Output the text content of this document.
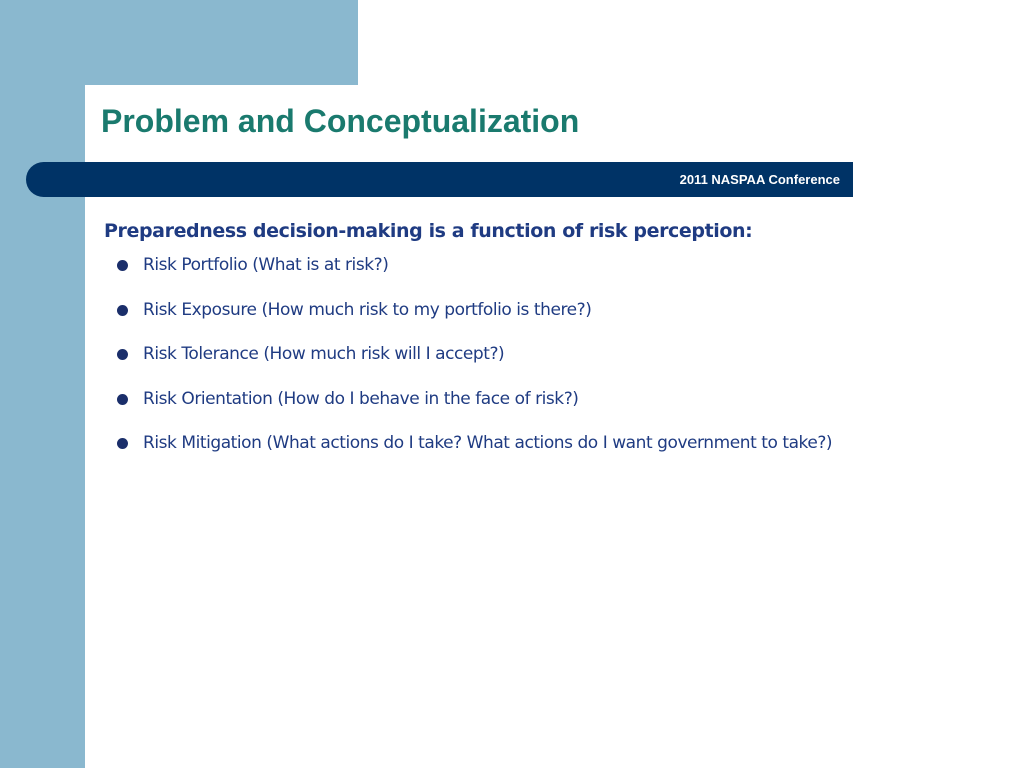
Problem and Conceptualization
2011 NASPAA Conference

Preparedness decision-making is a function of risk perception:

Risk Portfolio (What is at risk?)
Risk Exposure (How much risk to my portfolio is there?)
Risk Tolerance (How much risk will I accept?)
Risk Orientation (How do I behave in the face of risk?)
Risk Mitigation (What actions do I take? What actions do I want government to take?)
